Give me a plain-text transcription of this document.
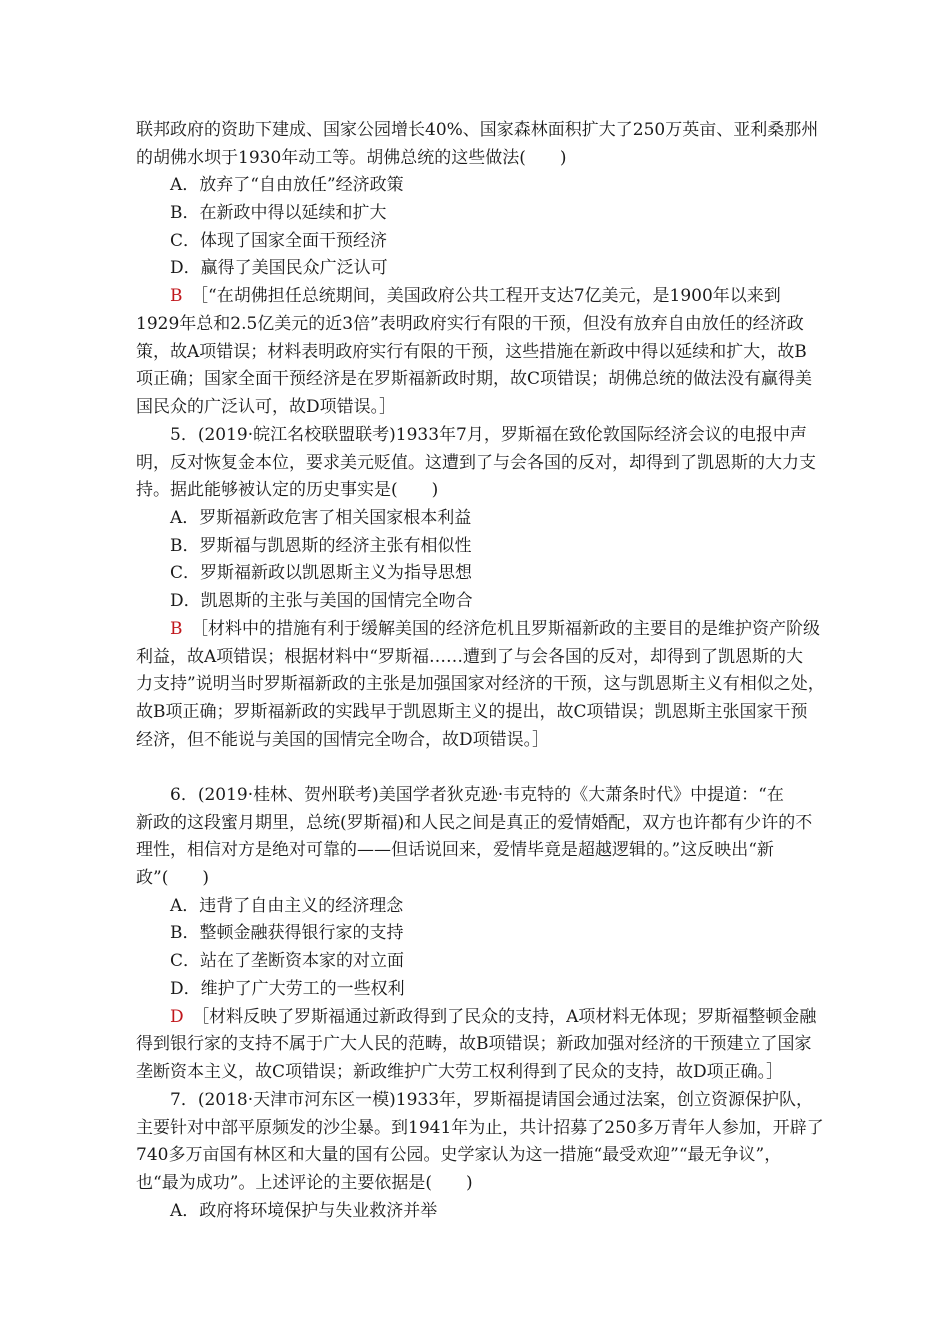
联邦政府的资助下建成、国家公园增长40%、国家森林面积扩大了250万英亩、亚利桑那州
的胡佛水坝于1930年动工等。胡佛总统的这些做法(　　)
A．放弃了“自由放任”经济政策
B．在新政中得以延续和扩大
C．体现了国家全面干预经济
D．赢得了美国民众广泛认可
B　 ［“在胡佛担任总统期间，美国政府公共工程开支达7亿美元，是1900年以来到
1929年总和2.5亿美元的近3倍”表明政府实行有限的干预，但没有放弃自由放任的经济政
策，故A项错误；材料表明政府实行有限的干预，这些措施在新政中得以延续和扩大，故B
项正确；国家全面干预经济是在罗斯福新政时期，故C项错误；胡佛总统的做法没有赢得美
国民众的广泛认可，故D项错误。］
5．(2019·皖江名校联盟联考)1933年7月，罗斯福在致伦敦国际经济会议的电报中声
明，反对恢复金本位，要求美元贬值。这遭到了与会各国的反对，却得到了凯恩斯的大力支
持。据此能够被认定的历史事实是(　　)
A．罗斯福新政危害了相关国家根本利益
B．罗斯福与凯恩斯的经济主张有相似性
C．罗斯福新政以凯恩斯主义为指导思想
D．凯恩斯的主张与美国的国情完全吻合
B　 ［材料中的措施有利于缓解美国的经济危机且罗斯福新政的主要目的是维护资产阶级
利益，故A项错误；根据材料中“罗斯福……遭到了与会各国的反对，却得到了凯恩斯的大
力支持”说明当时罗斯福新政的主张是加强国家对经济的干预，这与凯恩斯主义有相似之处，
故B项正确；罗斯福新政的实践早于凯恩斯主义的提出，故C项错误；凯恩斯主张国家干预
经济，但不能说与美国的国情完全吻合，故D项错误。］
6．(2019·桂林、贺州联考)美国学者狄克逊·韦克特的《大萧条时代》中提道：“在
新政的这段蜜月期里，总统(罗斯福)和人民之间是真正的爱情婚配，双方也许都有少许的不
理性，相信对方是绝对可靠的——但话说回来，爱情毕竟是超越逻辑的。”这反映出“新
政”(　　)
A．违背了自由主义的经济理念
B．整顿金融获得银行家的支持
C．站在了垄断资本家的对立面
D．维护了广大劳工的一些权利
D　 ［材料反映了罗斯福通过新政得到了民众的支持，A项材料无体现；罗斯福整顿金融
得到银行家的支持不属于广大人民的范畴，故B项错误；新政加强对经济的干预建立了国家
垄断资本主义，故C项错误；新政维护广大劳工权利得到了民众的支持，故D项正确。］
7．(2018·天津市河东区一模)1933年，罗斯福提请国会通过法案，创立资源保护队，
主要针对中部平原频发的沙尘暴。到1941年为止，共计招募了250多万青年人参加，开辟了
740多万亩国有林区和大量的国有公园。史学家认为这一措施“最受欢迎”“最无争议”，
也“最为成功”。上述评论的主要依据是(　　)
A．政府将环境保护与失业救济并举
